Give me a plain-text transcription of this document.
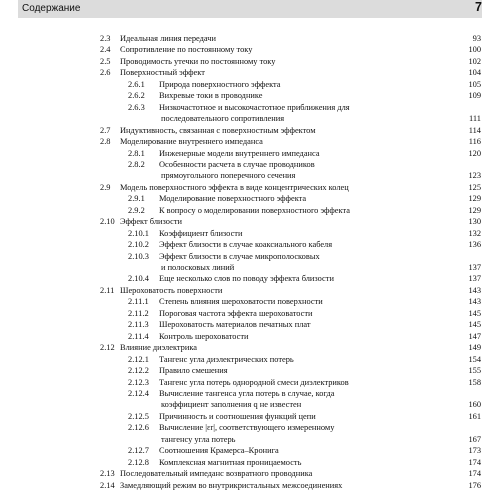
Содержание	7
2.3 Идеальная линия передачи	93
2.4 Сопротивление по постоянному току	100
2.5 Проводимость утечки по постоянному току	102
2.6 Поверхностный эффект	104
2.6.1 Природа поверхностного эффекта	105
2.6.2 Вихревые токи в проводнике	109
2.6.3 Низкочастотное и высокочастотное приближения для
последовательного сопротивления	111
2.7 Индуктивность, связанная с поверхностным эффектом	114
2.8 Моделирование внутреннего импеданса	116
2.8.1 Инженерные модели внутреннего импеданса	120
2.8.2 Особенности расчета в случае проводников
прямоугольного поперечного сечения	123
2.9 Модель поверхностного эффекта в виде концентрических колец	125
2.9.1 Моделирование поверхностного эффекта	129
2.9.2 К вопросу о моделировании поверхностного эффекта	129
2.10 Эффект близости	130
2.10.1 Коэффициент близости	132
2.10.2 Эффект близости в случае коаксиального кабеля	136
2.10.3 Эффект близости в случае микрополосковых
и полосковых линий	137
2.10.4 Еще несколько слов по поводу эффекта близости	137
2.11 Шероховатость поверхности	143
2.11.1 Степень влияния шероховатости поверхности	143
2.11.2 Пороговая частота эффекта шероховатости	145
2.11.3 Шероховатость материалов печатных плат	145
2.11.4 Контроль шероховатости	147
2.12 Влияние диэлектрика	149
2.12.1 Тангенс угла диэлектрических потерь	154
2.12.2 Правило смешения	155
2.12.3 Тангенс угла потерь однородной смеси диэлектриков	158
2.12.4 Вычисление тангенса угла потерь в случае, когда
коэффициент заполнения q не известен	160
2.12.5 Причинность и соотношения функций цепи	161
2.12.6 Вычисление |εr|, соответствующего измеренному
тангенсу угла потерь	167
2.12.7 Соотношения Крамерса–Кронига	173
2.12.8 Комплексная магнитная проницаемость	174
2.13 Последовательный импеданс возвратного проводника	174
2.14 Замедляющий режим во внутрикристальных межсоединениях	176
